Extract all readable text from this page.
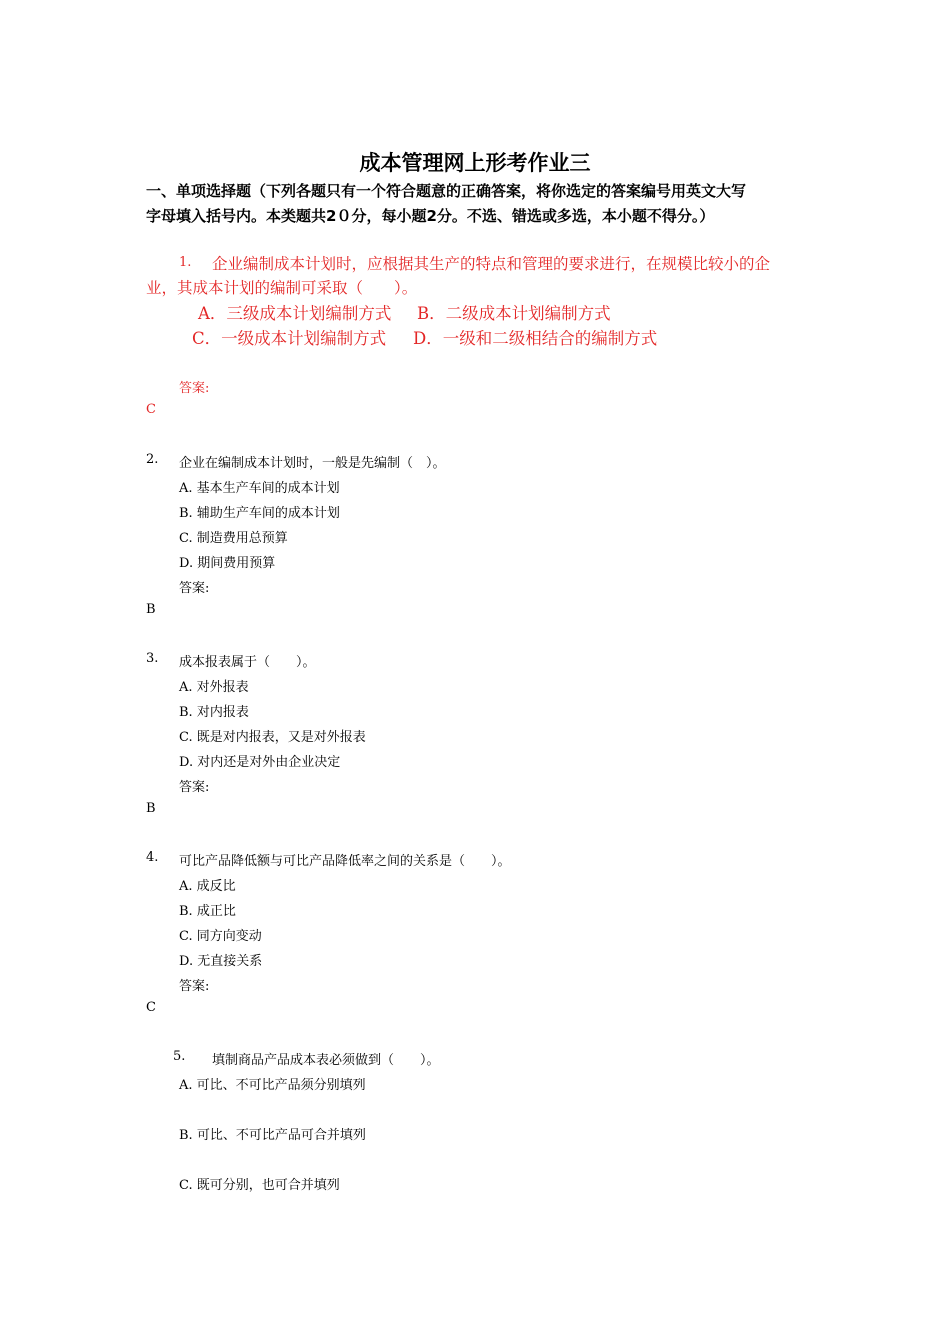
成本管理网上形考作业三
一、单项选择题（下列各题只有一个符合题意的正确答案，将你选定的答案编号用英文大写
字母填入括号内。本类题共2０分，每小题2分。不选、错选或多选，本小题不得分。）
1. 企业编制成本计划时，应根据其生产的特点和管理的要求进行，在规模比较小的企
业，其成本计划的编制可采取（　　）。
A．三级成本计划编制方式 B．二级成本计划编制方式
C．一级成本计划编制方式 D．一级和二级相结合的编制方式
答案:
C
2. 企业在编制成本计划时，一般是先编制（　）。
A. 基本生产车间的成本计划
B. 辅助生产车间的成本计划
C. 制造费用总预算
D. 期间费用预算
答案:
B
3. 成本报表属于（　　）。
A. 对外报表
B. 对内报表
C. 既是对内报表，又是对外报表
D. 对内还是对外由企业决定
答案:
B
4. 可比产品降低额与可比产品降低率之间的关系是（　　）。
A. 成反比
B. 成正比
C. 同方向变动
D. 无直接关系
答案:
C
5. 填制商品产品成本表必须做到（　　）。
A. 可比、不可比产品须分别填列
B. 可比、不可比产品可合并填列
C. 既可分别，也可合并填列
